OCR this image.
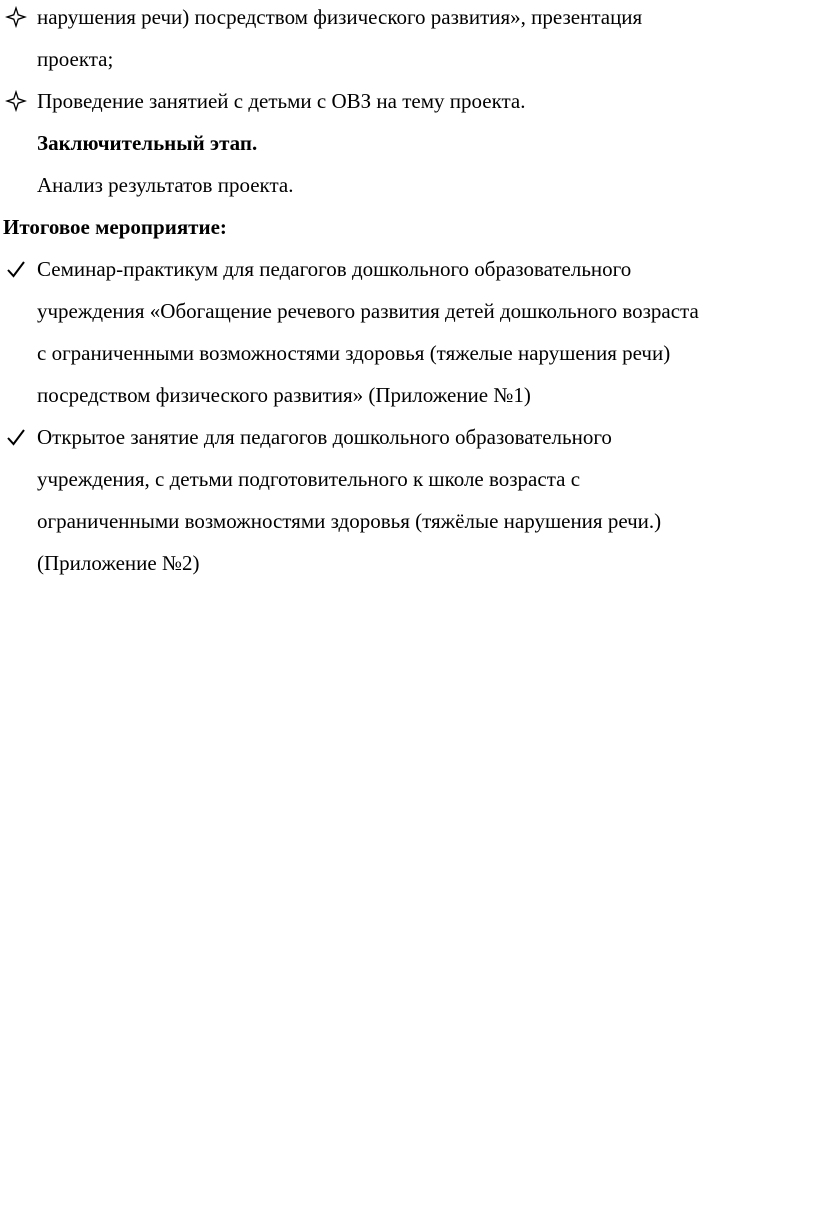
нарушения речи) посредством физического развития», презентация
проекта;
Проведение занятией с детьми с ОВЗ на тему проекта.
Заключительный этап.
Анализ результатов проекта.
Итоговое мероприятие:
Семинар-практикум для педагогов дошкольного образовательного
учреждения «Обогащение речевого развития детей дошкольного возраста
с ограниченными возможностями здоровья (тяжелые нарушения речи)
посредством физического развития» (Приложение №1)
Открытое занятие для педагогов дошкольного образовательного
учреждения, с детьми подготовительного к школе возраста с
ограниченными возможностями здоровья (тяжёлые нарушения речи.)
(Приложение №2)
